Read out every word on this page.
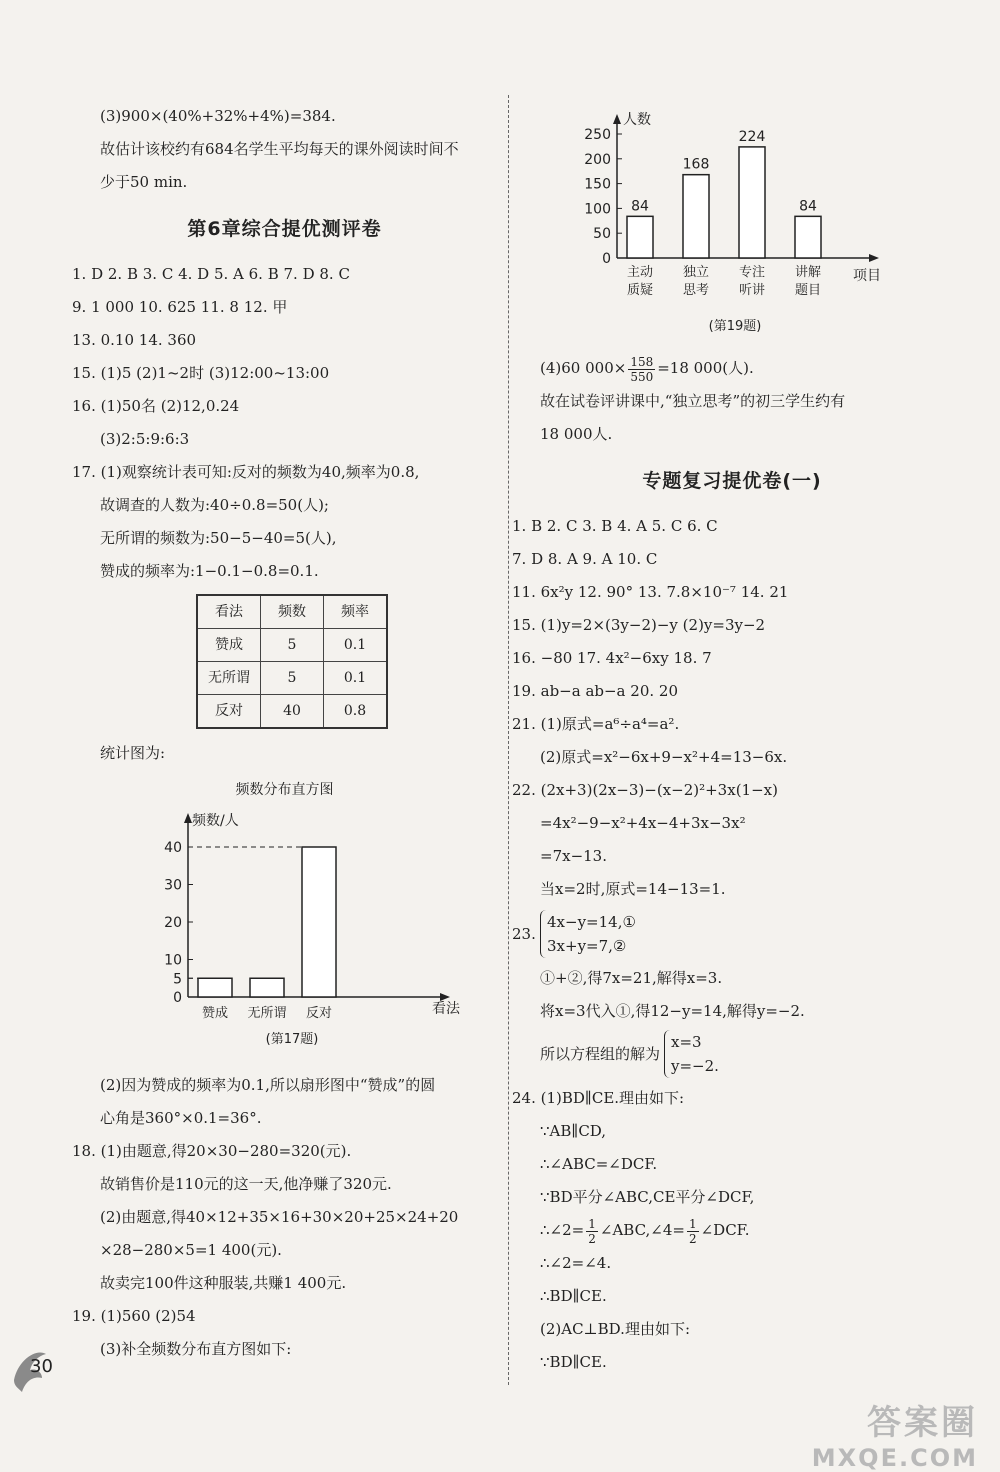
人数
项目
0
50
100
150
200
250
84
168
224
84
主动
质疑
独立
思考
专注
听讲
讲解
题目
(第19题)
(3)900×(40%+32%+4%)=384.
故估计该校约有684名学生平均每天的课外阅读时间不
少于50 min.
第6章综合提优测评卷
1. D 2. B 3. C 4. D 5. A 6. B 7. D 8. C
9. 1 000 10. 625 11. 8 12. 甲
13. 0.10 14. 360
15. (1)5 (2)1~2时 (3)12:00~13:00
16. (1)50名 (2)12,0.24
(3)2:5:9:6:3
17. (1)观察统计表可知:反对的频数为40,频率为0.8,
故调查的人数为:40÷0.8=50(人);
无所谓的频数为:50−5−40=5(人),
赞成的频率为:1−0.1−0.8=0.1.
看法	频数	频率
赞成	5	0.1
无所谓	5	0.1
反对	40	0.8
统计图为:
频数分布直方图
频数/人
看法
0
5
10
20
30
40
赞成 无所谓 反对
(第17题)
(2)因为赞成的频率为0.1,所以扇形图中“赞成”的圆
心角是360°×0.1=36°.
18. (1)由题意,得20×30−280=320(元).
故销售价是110元的这一天,他净赚了320元.
(2)由题意,得40×12+35×16+30×20+25×24+20
×28−280×5=1 400(元).
故卖完100件这种服装,共赚1 400元.
19. (1)560 (2)54
(3)补全频数分布直方图如下:
(4)60 $000\times \frac{158}{550} =18$ 000(人).
故在试卷评讲课中,“独立思考”的初三学生约有
18 000人.
专题复习提优卷(一)
1. B 2. C 3. B 4. A 5. C 6. C
7. D 8. A 9. A 10. C
11. 6x²y 12. 90° 13. 7.8×10⁻⁷ 14. 21
15. (1)y=2×(3y−2)−y (2)y=3y−2
16. −80 17. 4x²−6xy 18. 7
19. ab−a ab−a 20. 20
21. (1)原式=a⁶÷a⁴=a².
(2)原式=x²−6x+9−x²+4=13−6x.
22. (2x+3)(2x−3)−(x−2)²+3x(1−x)
=4x²−9−x²+4x−4+3x−3x²
=7x−13.
当x=2时,原式=14−13=1.
23.
4x−y=14,①
3x+y=7,②
①+②,得7x=21,解得x=3.
将x=3代入①,得12−y=14,解得y=−2.
所以方程组的解为
x=3
y=−2.
24. (1)BD∥CE.理由如下:
∵AB∥CD,
∴∠ABC=∠DCF.
∵BD平分∠ABC,CE平分∠DCF,
∴∠2= $\frac{1}{2}$ ∠ABC,∠4= $\frac{1}{2}$ ∠DCF.
∴∠2=∠4.
∴BD∥CE.
(2)AC⊥BD.理由如下:
∵BD∥CE.
30
答案圈
MXQE.COM
